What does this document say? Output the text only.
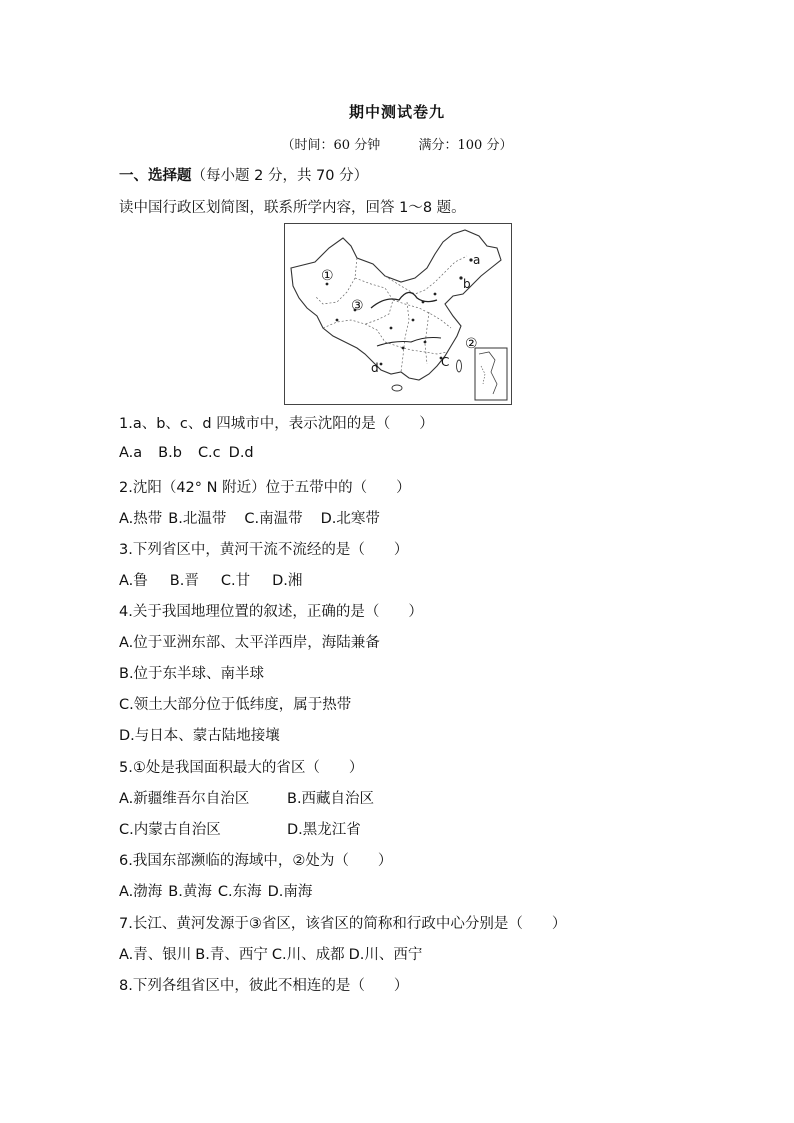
期中测试卷九
（时间：60 分钟	满分：100 分）
一、选择题（每小题 2 分，共 70 分）
读中国行政区划简图，联系所学内容，回答 1～8 题。
①
③
②
a
b
C
d
1.a、b、c、d 四城市中，表示沈阳的是（　　）
A.a B.b C.c D.d
2.沈阳（42° N 附近）位于五带中的（　　）
A.热带 B.北温带 C.南温带 D.北寒带
3.下列省区中，黄河干流不流经的是（　　）
A.鲁 B.晋 C.甘 D.湘
4.关于我国地理位置的叙述，正确的是（　　）
A.位于亚洲东部、太平洋西岸，海陆兼备
B.位于东半球、南半球
C.领土大部分位于低纬度，属于热带
D.与日本、蒙古陆地接壤
5.①处是我国面积最大的省区（　　）
A.新疆维吾尔自治区	B.西藏自治区
C.内蒙古自治区	D.黑龙江省
6.我国东部濒临的海域中，②处为（　　）
A.渤海 B.黄海 C.东海 D.南海
7.长江、黄河发源于③省区，该省区的简称和行政中心分别是（　　）
A.青、银川 B.青、西宁 C.川、成都 D.川、西宁
8.下列各组省区中，彼此不相连的是（　　）
